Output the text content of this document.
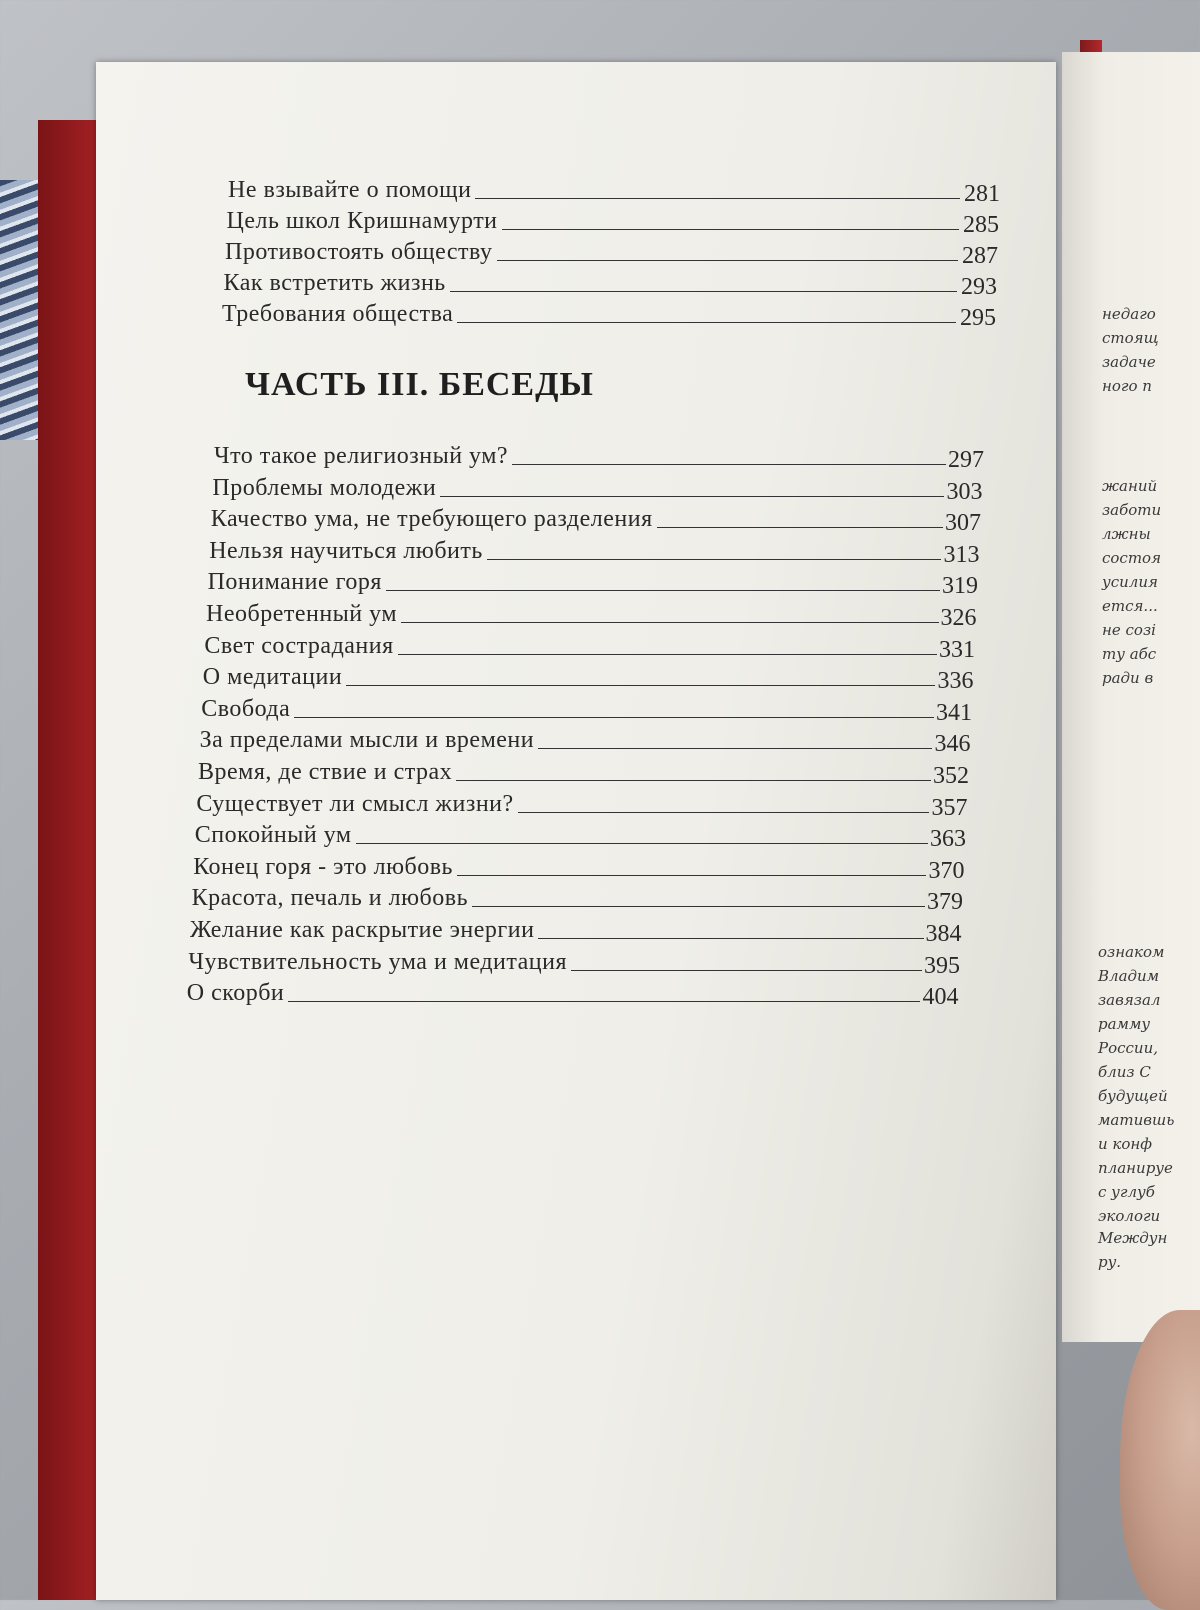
недаго
стоящ
задаче
ного п
жаний
заботи
лжны
состоя
усилия
ется...
не созі
ту абс
ради в
ознаком
Владим
завязал
рамму
России,
близ С
будущей
матившь
и конф
планируе
с углуб
экологи
Междун
ру.
Не взывайте о помощи	281
Цель школ Кришнамурти	285
Противостоять обществу	287
Как встретить жизнь	293
Требования общества	295
Что такое религиозный ум?	297
Проблемы молодежи	303
Качество ума, не требующего разделения	307
Нельзя научиться любить	313
Понимание горя	319
Необретенный ум	326
Свет сострадания	331
О медитации	336
Свобода	341
За пределами мысли и времени	346
Время, де ствие и страх	352
Существует ли смысл жизни?	357
Спокойный ум	363
Конец горя - это любовь	370
Красота, печаль и любовь	379
Желание как раскрытие энергии	384
Чувствительность ума и медитация	395
О скорби	404
ЧАСТЬ III. БЕСЕДЫ
